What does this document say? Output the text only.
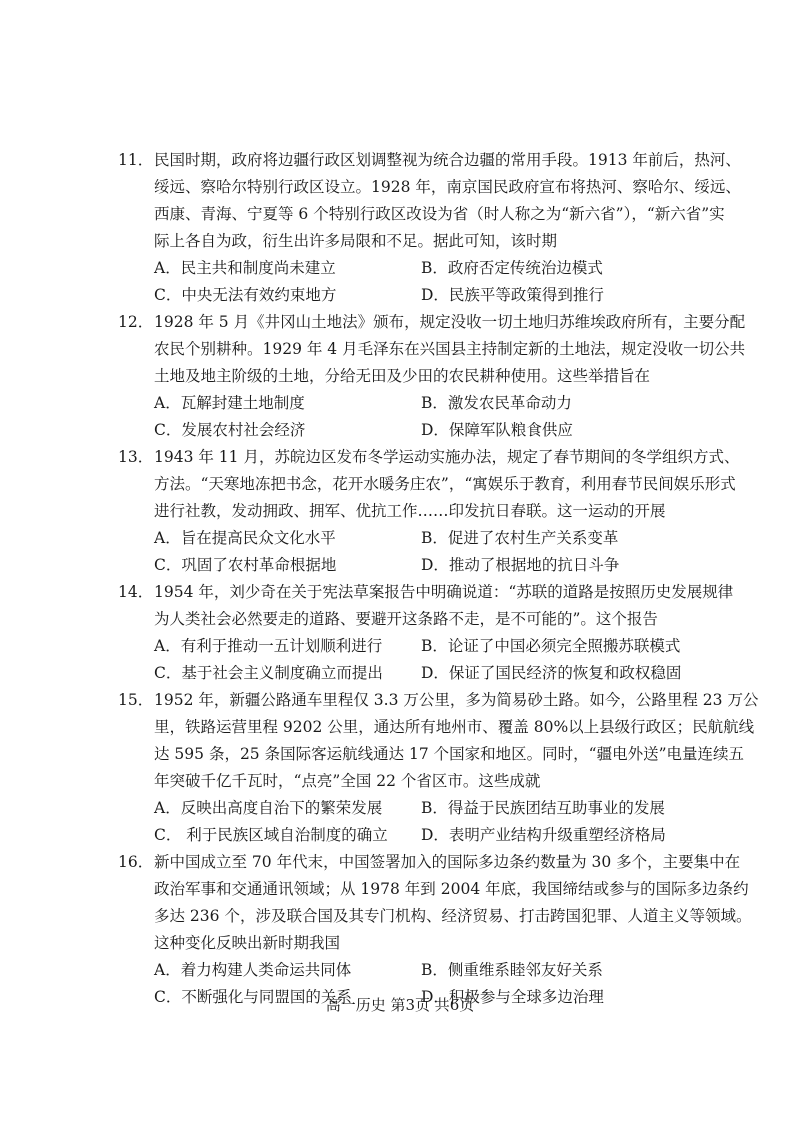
11．民国时期，政府将边疆行政区划调整视为统合边疆的常用手段。1913 年前后，热河、
绥远、察哈尔特别行政区设立。1928 年，南京国民政府宣布将热河、察哈尔、绥远、
西康、青海、宁夏等 6 个特别行政区改设为省（时人称之为“新六省”），“新六省”实
际上各自为政，衍生出许多局限和不足。据此可知，该时期
A．民主共和制度尚未建立	B．政府否定传统治边模式
C．中央无法有效约束地方	D．民族平等政策得到推行
12．1928 年 5 月《井冈山土地法》颁布，规定没收一切土地归苏维埃政府所有，主要分配
农民个别耕种。1929 年 4 月毛泽东在兴国县主持制定新的土地法，规定没收一切公共
土地及地主阶级的土地，分给无田及少田的农民耕种使用。这些举措旨在
A．瓦解封建土地制度	B．激发农民革命动力
C．发展农村社会经济	D．保障军队粮食供应
13．1943 年 11 月，苏皖边区发布冬学运动实施办法，规定了春节期间的冬学组织方式、
方法。“天寒地冻把书念，花开水暖务庄农”，“寓娱乐于教育，利用春节民间娱乐形式
进行社教，发动拥政、拥军、优抗工作……印发抗日春联。这一运动的开展
A．旨在提高民众文化水平	B．促进了农村生产关系变革
C．巩固了农村革命根据地	D．推动了根据地的抗日斗争
14．1954 年，刘少奇在关于宪法草案报告中明确说道：“苏联的道路是按照历史发展规律
为人类社会必然要走的道路、要避开这条路不走，是不可能的”。这个报告
A．有利于推动一五计划顺利进行	B．论证了中国必须完全照搬苏联模式
C．基于社会主义制度确立而提出	D．保证了国民经济的恢复和政权稳固
15．1952 年，新疆公路通车里程仅 3.3 万公里，多为简易砂土路。如今，公路里程 23 万公
里，铁路运营里程 9202 公里，通达所有地州市、覆盖 80%以上县级行政区；民航航线
达 595 条，25 条国际客运航线通达 17 个国家和地区。同时，“疆电外送”电量连续五
年突破千亿千瓦时，“点亮”全国 22 个省区市。这些成就
A．反映出高度自治下的繁荣发展	B．得益于民族团结互助事业的发展
C． 利于民族区域自治制度的确立	D．表明产业结构升级重塑经济格局
16．新中国成立至 70 年代末，中国签署加入的国际多边条约数量为 30 多个，主要集中在
政治军事和交通通讯领域；从 1978 年到 2004 年底，我国缔结或参与的国际多边条约
多达 236 个，涉及联合国及其专门机构、经济贸易、打击跨国犯罪、人道主义等领域。
这种变化反映出新时期我国
A．着力构建人类命运共同体	B．侧重维系睦邻友好关系
C．不断强化与同盟国的关系	D．积极参与全球多边治理
高一历史 第3页 共6页
